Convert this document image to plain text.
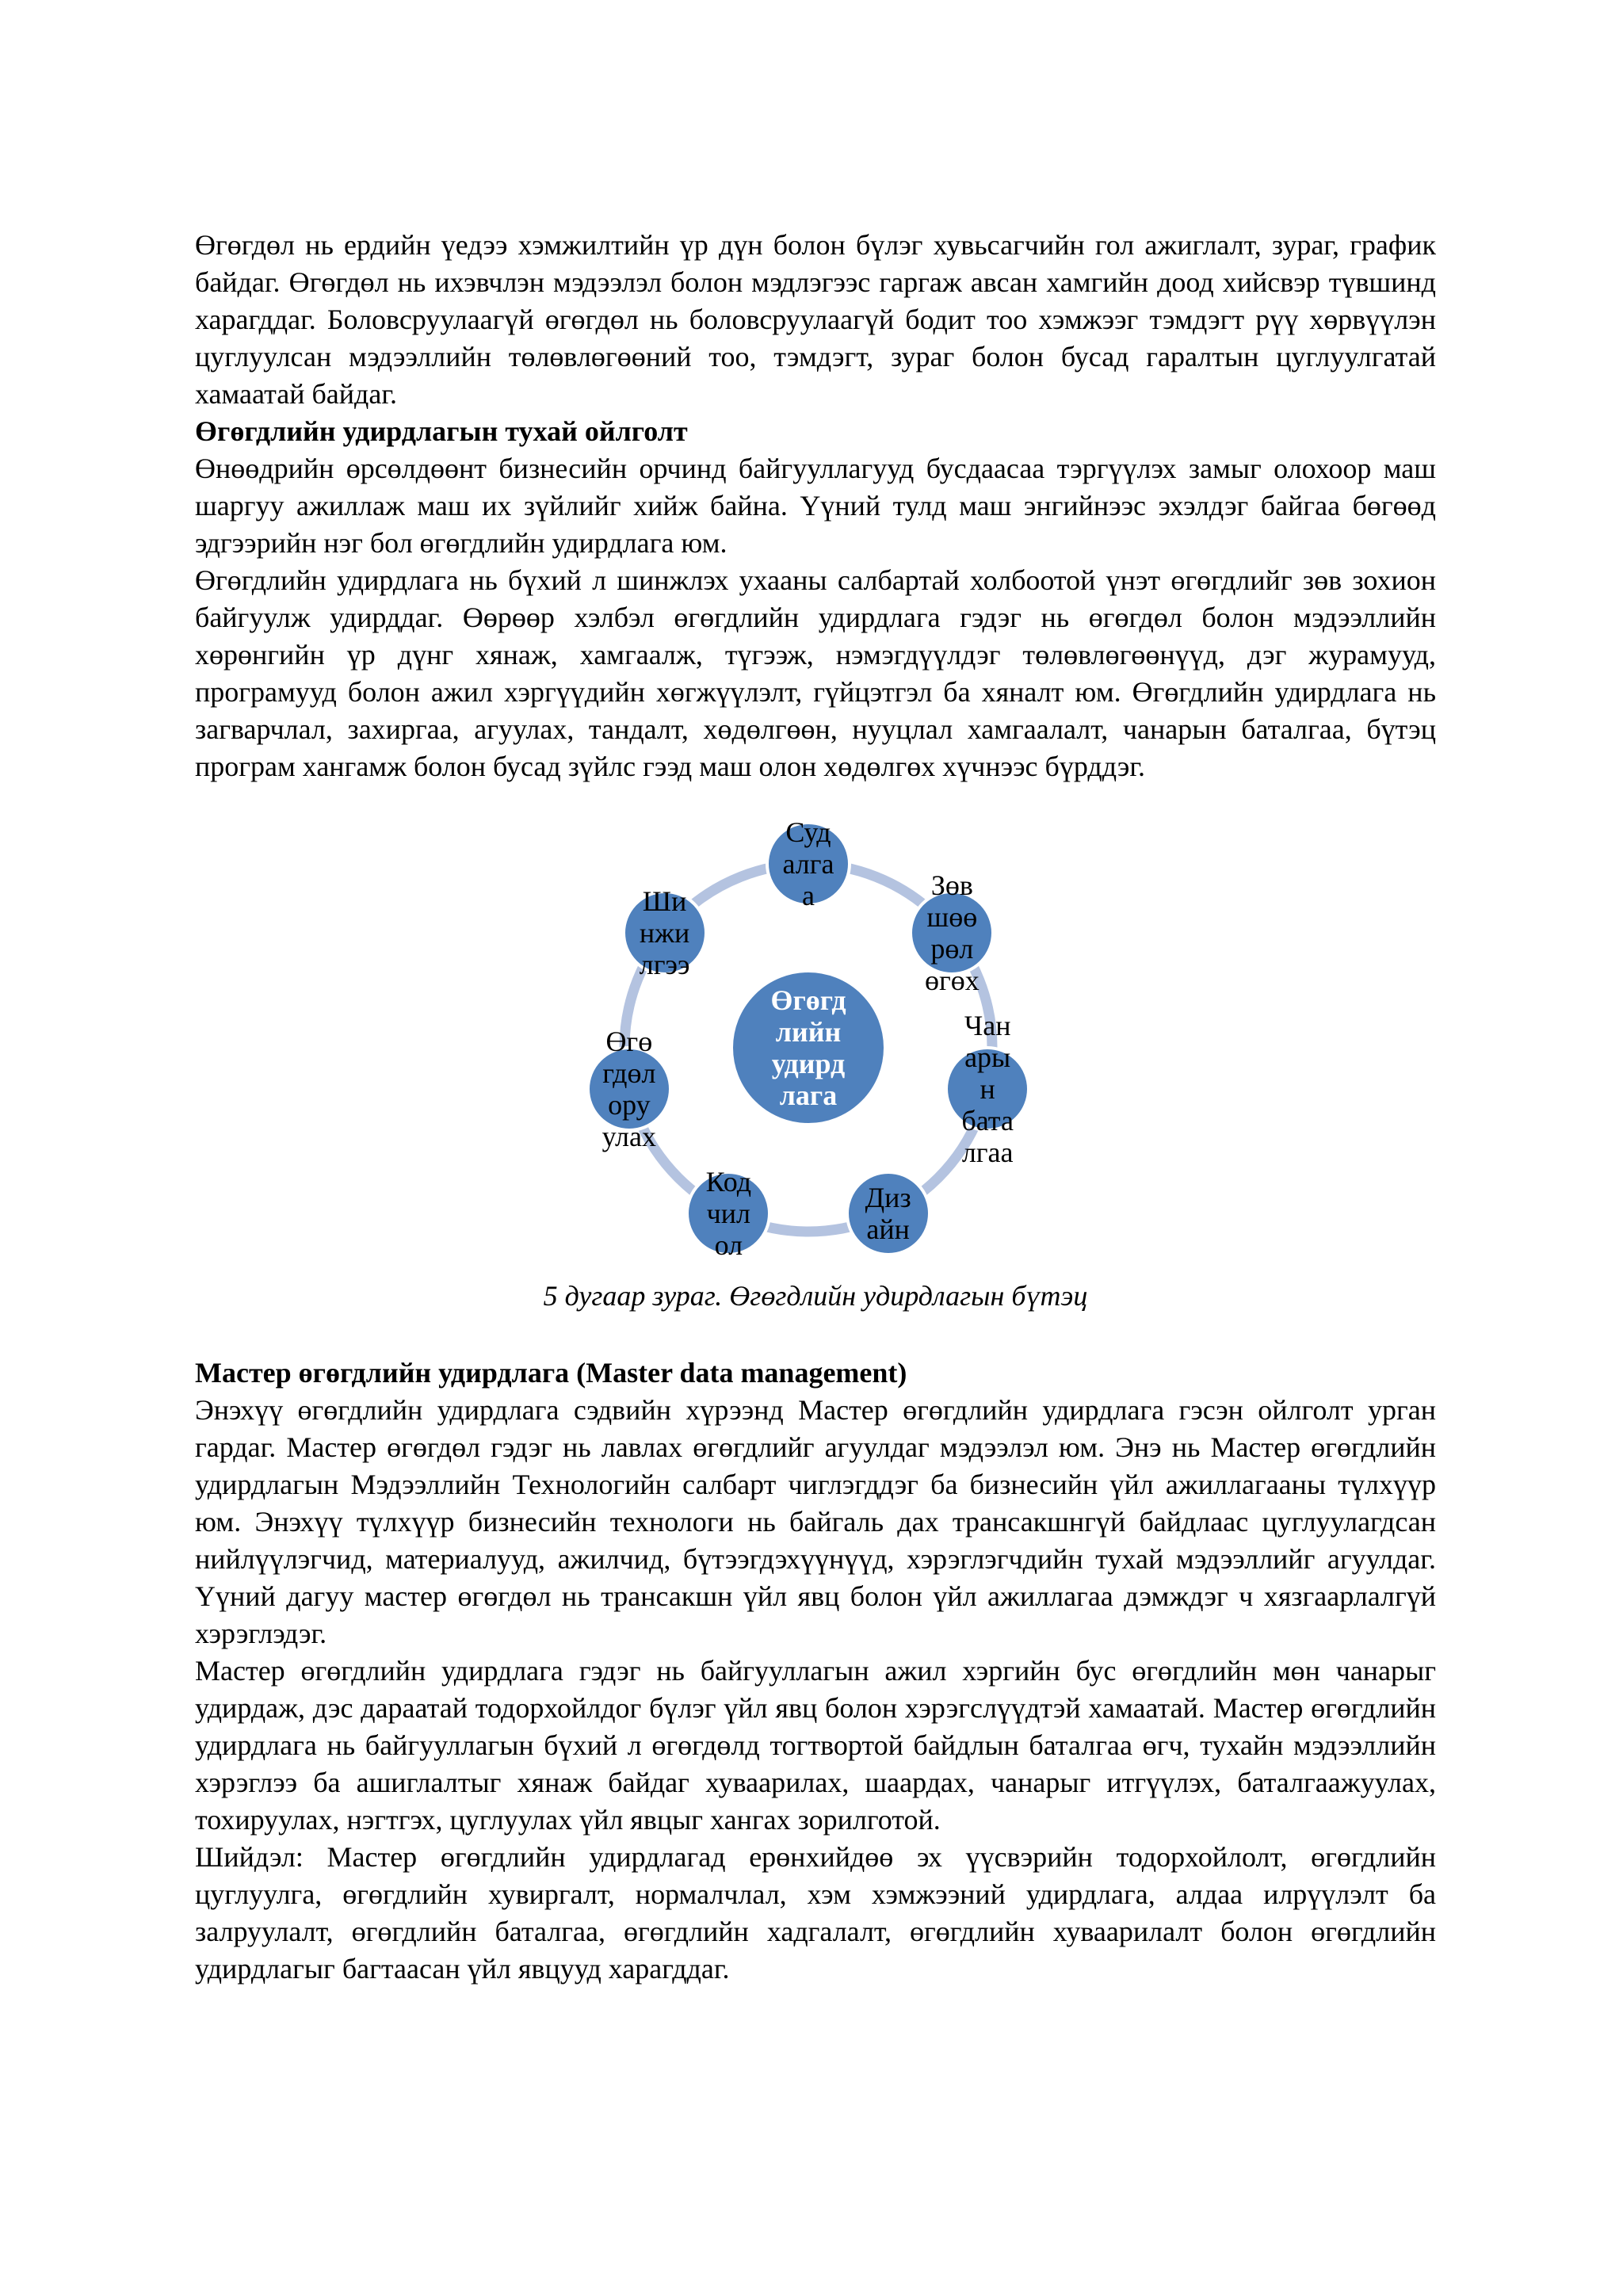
Өгөгдөл нь ердийн үедээ хэмжилтийн үр дүн болон бүлэг хувьсагчийн гол ажиглалт, зураг, график байдаг. Өгөгдөл нь ихэвчлэн мэдээлэл болон мэдлэгээс гаргаж авсан хамгийн доод хийсвэр түвшинд харагддаг. Боловсруулаагүй өгөгдөл нь боловсруулаагүй бодит тоо хэмжээг тэмдэгт рүү хөрвүүлэн цуглуулсан мэдээллийн төлөвлөгөөний тоо, тэмдэгт, зураг болон бусад гаралтын цуглуулгатай хамаатай байдаг.

Өгөгдлийн удирдлагын тухай ойлголт

Өнөөдрийн өрсөлдөөнт бизнесийн орчинд байгууллагууд бусдаасаа тэргүүлэх замыг олохоор маш шаргуу ажиллаж маш их зүйлийг хийж байна. Үүний тулд маш энгийнээс эхэлдэг байгаа бөгөөд эдгээрийн нэг бол өгөгдлийн удирдлага юм.

Өгөгдлийн удирдлага нь бүхий л шинжлэх ухааны салбартай холбоотой үнэт өгөгдлийг зөв зохион байгуулж удирддаг. Өөрөөр хэлбэл өгөгдлийн удирдлага гэдэг нь өгөгдөл болон мэдээллийн хөрөнгийн үр дүнг хянаж, хамгаалж, түгээж, нэмэгдүүлдэг төлөвлөгөөнүүд, дэг журамууд, програмууд болон ажил хэргүүдийн хөгжүүлэлт, гүйцэтгэл ба хяналт юм. Өгөгдлийн удирдлага нь загварчлал, захиргаа, агуулах, тандалт, хөдөлгөөн, нууцлал хамгаалалт, чанарын баталгаа, бүтэц програм хангамж болон бусад зүйлс гээд маш олон хөдөлгөх хүчнээс бүрддэг.

Өгөгд
лийн
удирд
лага
Суд
алга
а	Зөв
шөө
рөл
өгөх
Чан
ары
н
бата
лгаа
Диз
айн
Код
чил
ол
Өгө
гдөл
ору
улах
Ши
нжи
лгээ
5 дугаар зураг. Өгөгдлийн удирдлагын бүтэц
Мастер өгөгдлийн удирдлага (Master data management)

Энэхүү өгөгдлийн удирдлага сэдвийн хүрээнд Мастер өгөгдлийн удирдлага гэсэн ойлголт урган гардаг. Мастер өгөгдөл гэдэг нь лавлах өгөгдлийг агуулдаг мэдээлэл юм. Энэ нь Мастер өгөгдлийн удирдлагын Мэдээллийн Технологийн салбарт чиглэгддэг ба бизнесийн үйл ажиллагааны түлхүүр юм. Энэхүү түлхүүр бизнесийн технологи нь байгаль дах трансакшнгүй байдлаас цуглуулагдсан нийлүүлэгчид, материалууд, ажилчид, бүтээгдэхүүнүүд, хэрэглэгчдийн тухай мэдээллийг агуулдаг. Үүний дагуу мастер өгөгдөл нь трансакшн үйл явц болон үйл ажиллагаа дэмждэг ч хязгаарлалгүй хэрэглэдэг.

Мастер өгөгдлийн удирдлага гэдэг нь байгууллагын ажил хэргийн бус өгөгдлийн мөн чанарыг удирдаж, дэс дараатай тодорхойлдог бүлэг үйл явц болон хэрэгслүүдтэй хамаатай. Мастер өгөгдлийн удирдлага нь байгууллагын бүхий л өгөгдөлд тогтвортой байдлын баталгаа өгч, тухайн мэдээллийн хэрэглээ ба ашиглалтыг хянаж байдаг хуваарилах, шаардах, чанарыг итгүүлэх, баталгаажуулах, тохируулах, нэгтгэх, цуглуулах үйл явцыг хангах зорилготой.

Шийдэл: Мастер өгөгдлийн удирдлагад ерөнхийдөө эх үүсвэрийн тодорхойлолт, өгөгдлийн цуглуулга, өгөгдлийн хувиргалт, нормалчлал, хэм хэмжээний удирдлага, алдаа илрүүлэлт ба залруулалт, өгөгдлийн баталгаа, өгөгдлийн хадгалалт, өгөгдлийн хуваарилалт болон өгөгдлийн удирдлагыг багтаасан үйл явцууд харагддаг.
